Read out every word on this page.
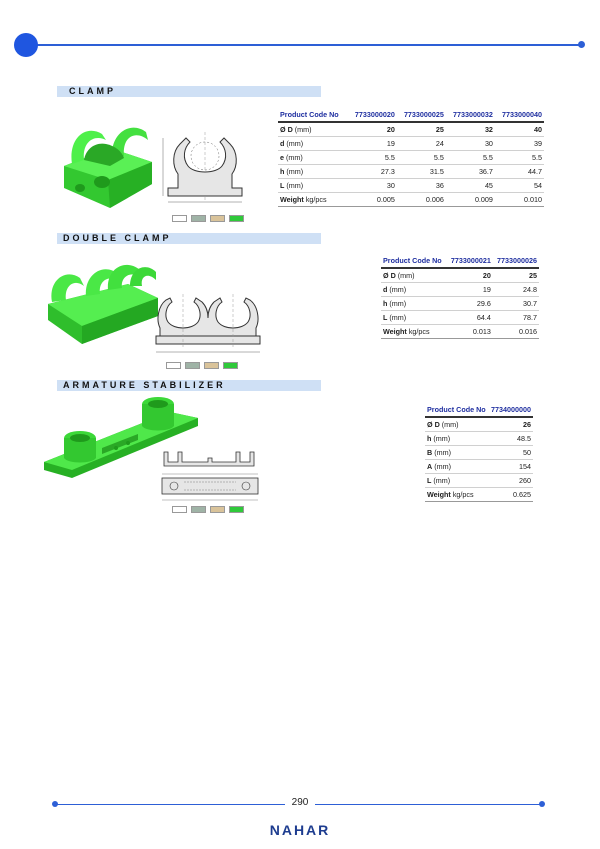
CLAMP
Product Code No	7733000020	7733000025	7733000032	7733000040
Ø D (mm)	20	25	32	40
d (mm)	19	24	30	39
e (mm)	5.5	5.5	5.5	5.5
h (mm)	27.3	31.5	36.7	44.7
L (mm)	30	36	45	54
Weight kg/pcs	0.005	0.006	0.009	0.010
DOUBLE CLAMP
Product Code No	7733000021	7733000026
Ø D (mm)	20	25
d (mm)	19	24.8
h (mm)	29.6	30.7
L (mm)	64.4	78.7
Weight kg/pcs	0.013	0.016
ARMATURE STABILIZER
Product Code No	7734000000
Ø D (mm)	26
h (mm)	48.5
B (mm)	50
A (mm)	154
L (mm)	260
Weight kg/pcs	0.625
290
NAHAR
